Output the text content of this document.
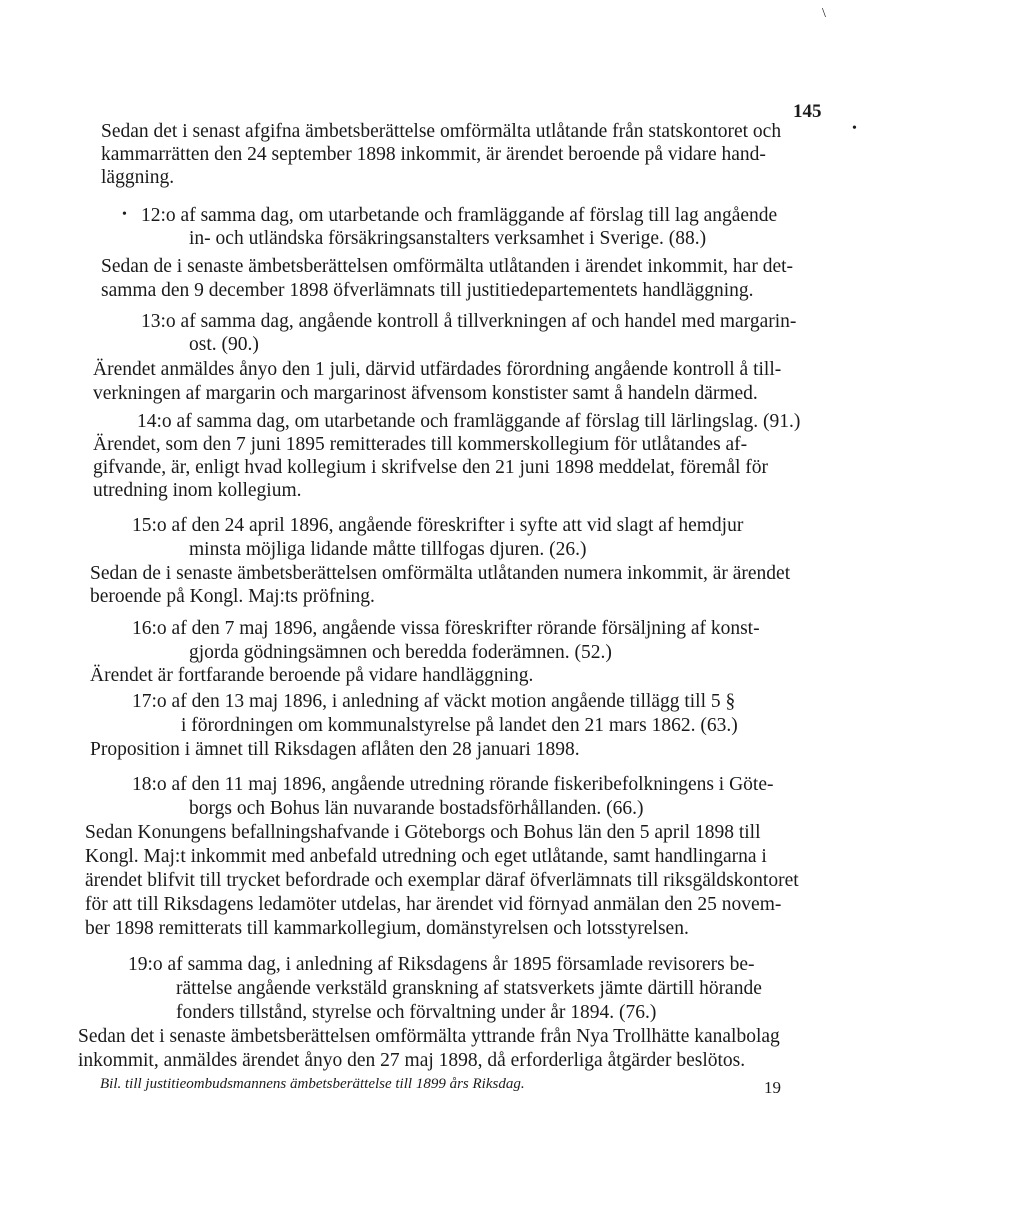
\
145
•
•
Sedan det i senast afgifna ämbetsberättelse omförmälta utlåtande från statskontoret och
kammarrätten den 24 september 1898 inkommit, är ärendet beroende på vidare hand-
läggning.
12:o af samma dag, om utarbetande och framläggande af förslag till lag angående
in- och utländska försäkringsanstalters verksamhet i Sverige. (88.)
Sedan de i senaste ämbetsberättelsen omförmälta utlåtanden i ärendet inkommit, har det-
samma den 9 december 1898 öfverlämnats till justitiedepartementets handläggning.
13:o af samma dag, angående kontroll å tillverkningen af och handel med margarin-
ost. (90.)
Ärendet anmäldes ånyo den 1 juli, därvid utfärdades förordning angående kontroll å till-
verkningen af margarin och margarinost äfvensom konstister samt å handeln därmed.
14:o af samma dag, om utarbetande och framläggande af förslag till lärlingslag. (91.)
Ärendet, som den 7 juni 1895 remitterades till kommerskollegium för utlåtandes af-
gifvande, är, enligt hvad kollegium i skrifvelse den 21 juni 1898 meddelat, föremål för
utredning inom kollegium.
15:o af den 24 april 1896, angående föreskrifter i syfte att vid slagt af hemdjur
minsta möjliga lidande måtte tillfogas djuren. (26.)
Sedan de i senaste ämbetsberättelsen omförmälta utlåtanden numera inkommit, är ärendet
beroende på Kongl. Maj:ts pröfning.
16:o af den 7 maj 1896, angående vissa föreskrifter rörande försäljning af konst-
gjorda gödningsämnen och beredda foderämnen. (52.)
Ärendet är fortfarande beroende på vidare handläggning.
17:o af den 13 maj 1896, i anledning af väckt motion angående tillägg till 5 §
i förordningen om kommunalstyrelse på landet den 21 mars 1862. (63.)
Proposition i ämnet till Riksdagen aflåten den 28 januari 1898.
18:o af den 11 maj 1896, angående utredning rörande fiskeribefolkningens i Göte-
borgs och Bohus län nuvarande bostadsförhållanden. (66.)
Sedan Konungens befallningshafvande i Göteborgs och Bohus län den 5 april 1898 till
Kongl. Maj:t inkommit med anbefald utredning och eget utlåtande, samt handlingarna i
ärendet blifvit till trycket befordrade och exemplar däraf öfverlämnats till riksgäldskontoret
för att till Riksdagens ledamöter utdelas, har ärendet vid förnyad anmälan den 25 novem-
ber 1898 remitterats till kammarkollegium, domänstyrelsen och lotsstyrelsen.
19:o af samma dag, i anledning af Riksdagens år 1895 församlade revisorers be-
rättelse angående verkstäld granskning af statsverkets jämte därtill hörande
fonders tillstånd, styrelse och förvaltning under år 1894. (76.)
Sedan det i senaste ämbetsberättelsen omförmälta yttrande från Nya Trollhätte kanalbolag
inkommit, anmäldes ärendet ånyo den 27 maj 1898, då erforderliga åtgärder beslötos.
Bil. till justitieombudsmannens ämbetsberättelse till 1899 års Riksdag.	19
